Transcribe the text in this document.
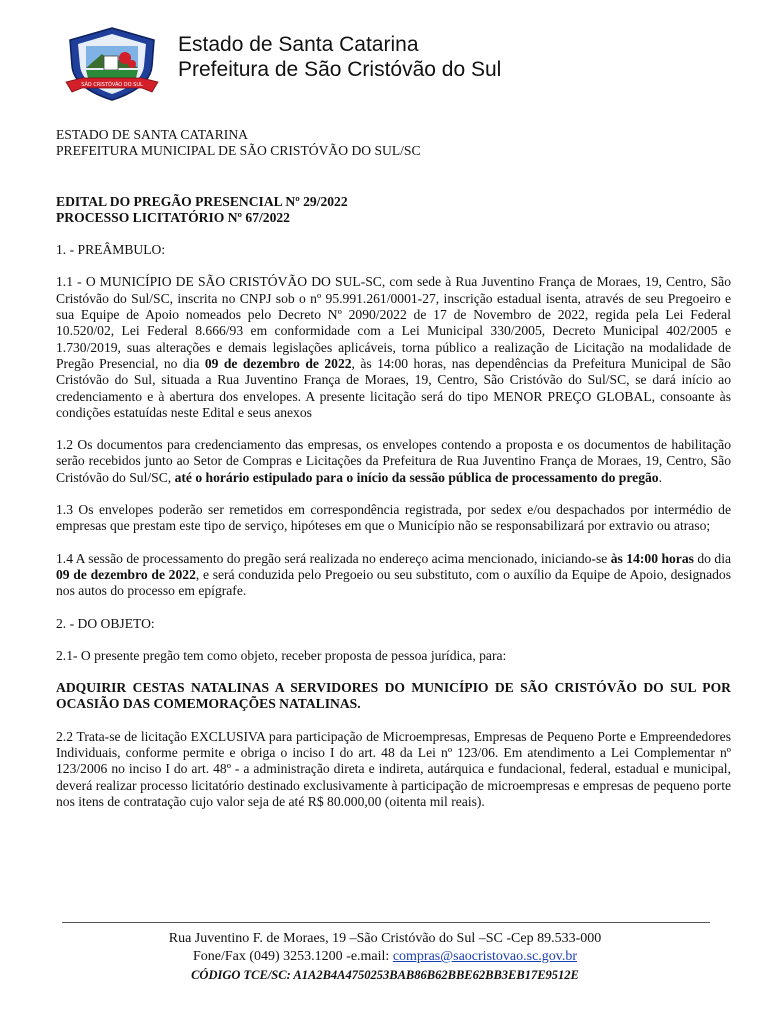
SÃO CRISTÓVÃO DO SUL
Estado de Santa Catarina
Prefeitura de São Cristóvão do Sul

ESTADO DE SANTA CATARINA

PREFEITURA MUNICIPAL DE SÃO CRISTÓVÃO DO SUL/SC

EDITAL DO PREGÃO PRESENCIAL Nº 29/2022

PROCESSO LICITATÓRIO Nº 67/2022

1. - PREÂMBULO:

1.1 - O MUNICÍPIO DE SÃO CRISTÓVÃO DO SUL-SC, com sede à Rua Juventino França de Moraes, 19, Centro, São Cristóvão do Sul/SC, inscrita no CNPJ sob o nº 95.991.261/0001-27, inscrição estadual isenta, através de seu Pregoeiro e sua Equipe de Apoio nomeados pelo Decreto Nº 2090/2022 de 17 de Novembro de 2022, regida pela Lei Federal 10.520/02, Lei Federal 8.666/93 em conformidade com a Lei Municipal 330/2005, Decreto Municipal 402/2005 e 1.730/2019, suas alterações e demais legislações aplicáveis, torna público a realização de Licitação na modalidade de Pregão Presencial, no dia 09 de dezembro de 2022, às 14:00 horas, nas dependências da Prefeitura Municipal de São Cristóvão do Sul, situada a Rua Juventino França de Moraes, 19, Centro, São Cristóvão do Sul/SC, se dará início ao credenciamento e à abertura dos envelopes. A presente licitação será do tipo MENOR PREÇO GLOBAL, consoante às condições estatuídas neste Edital e seus anexos

1.2 Os documentos para credenciamento das empresas, os envelopes contendo a proposta e os documentos de habilitação serão recebidos junto ao Setor de Compras e Licitações da Prefeitura de Rua Juventino França de Moraes, 19, Centro, São Cristóvão do Sul/SC, até o horário estipulado para o início da sessão pública de processamento do pregão.

1.3 Os envelopes poderão ser remetidos em correspondência registrada, por sedex e/ou despachados por intermédio de empresas que prestam este tipo de serviço, hipóteses em que o Município não se responsabilizará por extravio ou atraso;

1.4 A sessão de processamento do pregão será realizada no endereço acima mencionado, iniciando-se às 14:00 horas do dia 09 de dezembro de 2022, e será conduzida pelo Pregoeio ou seu substituto, com o auxílio da Equipe de Apoio, designados nos autos do processo em epígrafe.

2. - DO OBJETO:

2.1- O presente pregão tem como objeto, receber proposta de pessoa jurídica, para:

ADQUIRIR CESTAS NATALINAS A SERVIDORES DO MUNICÍPIO DE SÃO CRISTÓVÃO DO SUL POR OCASIÃO DAS COMEMORAÇÕES NATALINAS.

2.2 Trata-se de licitação EXCLUSIVA para participação de Microempresas, Empresas de Pequeno Porte e Empreendedores Individuais, conforme permite e obriga o inciso I do art. 48 da Lei nº 123/06. Em atendimento a Lei Complementar nº 123/2006 no inciso I do art. 48º - a administração direta e indireta, autárquica e fundacional, federal, estadual e municipal, deverá realizar processo licitatório destinado exclusivamente à participação de microempresas e empresas de pequeno porte nos itens de contratação cujo valor seja de até R$ 80.000,00 (oitenta mil reais).

Rua Juventino F. de Moraes, 19 –São Cristóvão do Sul –SC -Cep 89.533-000
Fone/Fax (049) 3253.1200 -e.mail: compras@saocristovao.sc.gov.br
CÓDIGO TCE/SC: A1A2B4A4750253BAB86B62BBE62BB3EB17E9512E
